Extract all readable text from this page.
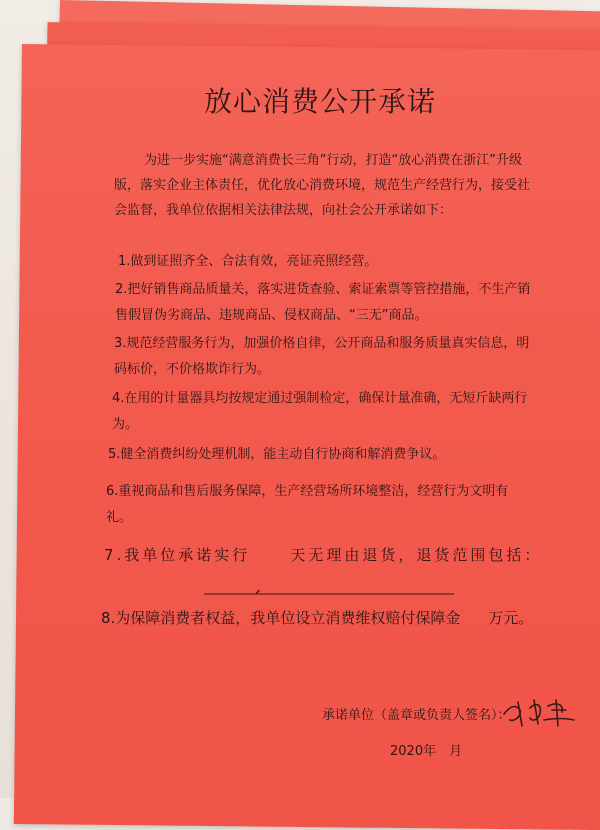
放心消费公开承诺
为进一步实施“满意消费长三角”行动，打造“放心消费在浙江”升级版，落实企业主体责任，优化放心消费环境，规范生产经营行为，接受社会监督，我单位依据相关法律法规，向社会公开承诺如下：
1.做到证照齐全、合法有效，亮证亮照经营。
2.把好销售商品质量关，落实进货查验、索证索票等管控措施，不生产销售假冒伪劣商品、违规商品、侵权商品、“三无”商品。
3.规范经营服务行为，加强价格自律，公开商品和服务质量真实信息，明码标价，不价格欺诈行为。
4.在用的计量器具均按规定通过强制检定，确保计量准确，无短斤缺两行为。
5.健全消费纠纷处理机制，能主动自行协商和解消费争议。
6.重视商品和售后服务保障，生产经营场所环境整洁，经营行为文明有礼。
7.我单位承诺实行	天无理由退货，退货范围包括：
8.为保障消费者权益，我单位设立消费维权赔付保障金 万元。
承诺单位（盖章或负责人签名）：
2020年　月
